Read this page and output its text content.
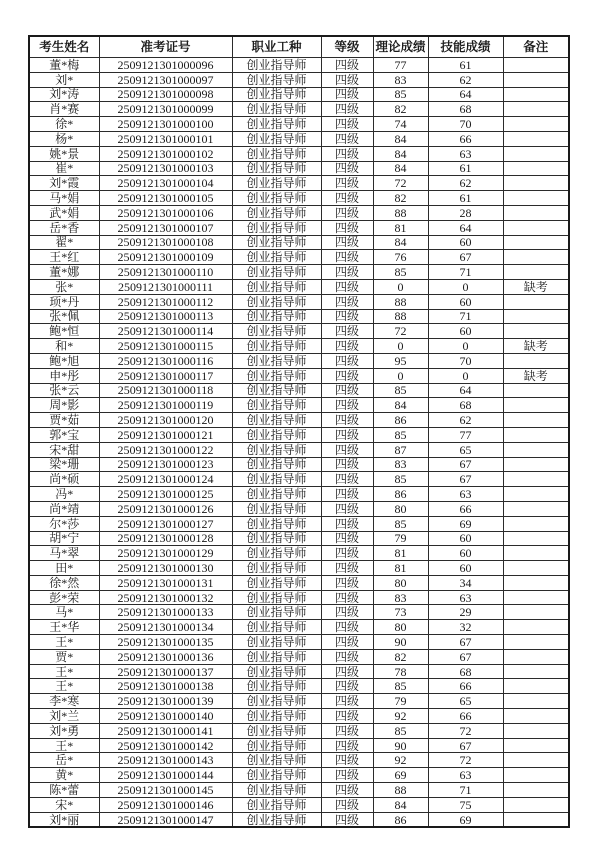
考生姓名	准考证号	职业工种	等级	理论成绩	技能成绩	备注
董*梅	2509121301000096	创业指导师	四级	77	61	
刘*	2509121301000097	创业指导师	四级	83	62	
刘*涛	2509121301000098	创业指导师	四级	85	64	
肖*赛	2509121301000099	创业指导师	四级	82	68	
徐*	2509121301000100	创业指导师	四级	74	70	
杨*	2509121301000101	创业指导师	四级	84	66	
姚*景	2509121301000102	创业指导师	四级	84	63	
崔*	2509121301000103	创业指导师	四级	84	61	
刘*霞	2509121301000104	创业指导师	四级	72	62	
马*娟	2509121301000105	创业指导师	四级	82	61	
武*娟	2509121301000106	创业指导师	四级	88	28	
岳*香	2509121301000107	创业指导师	四级	81	64	
翟*	2509121301000108	创业指导师	四级	84	60	
王*红	2509121301000109	创业指导师	四级	76	67	
董*娜	2509121301000110	创业指导师	四级	85	71	
张*	2509121301000111	创业指导师	四级	0	0	缺考
顼*丹	2509121301000112	创业指导师	四级	88	60	
张*佩	2509121301000113	创业指导师	四级	88	71	
鲍*恒	2509121301000114	创业指导师	四级	72	60	
和*	2509121301000115	创业指导师	四级	0	0	缺考
鲍*旭	2509121301000116	创业指导师	四级	95	70	
申*彤	2509121301000117	创业指导师	四级	0	0	缺考
张*云	2509121301000118	创业指导师	四级	85	64	
周*影	2509121301000119	创业指导师	四级	84	68	
贾*茹	2509121301000120	创业指导师	四级	86	62	
郭*宝	2509121301000121	创业指导师	四级	85	77	
宋*甜	2509121301000122	创业指导师	四级	87	65	
梁*珊	2509121301000123	创业指导师	四级	83	67	
尚*硕	2509121301000124	创业指导师	四级	85	67	
冯*	2509121301000125	创业指导师	四级	86	63	
尚*靖	2509121301000126	创业指导师	四级	80	66	
尔*莎	2509121301000127	创业指导师	四级	85	69	
胡*宁	2509121301000128	创业指导师	四级	79	60	
马*翠	2509121301000129	创业指导师	四级	81	60	
田*	2509121301000130	创业指导师	四级	81	60	
徐*然	2509121301000131	创业指导师	四级	80	34	
彭*荣	2509121301000132	创业指导师	四级	83	63	
马*	2509121301000133	创业指导师	四级	73	29	
王*华	2509121301000134	创业指导师	四级	80	32	
王*	2509121301000135	创业指导师	四级	90	67	
贾*	2509121301000136	创业指导师	四级	82	67	
王*	2509121301000137	创业指导师	四级	78	68	
王*	2509121301000138	创业指导师	四级	85	66	
李*寒	2509121301000139	创业指导师	四级	79	65	
刘*兰	2509121301000140	创业指导师	四级	92	66	
刘*勇	2509121301000141	创业指导师	四级	85	72	
王*	2509121301000142	创业指导师	四级	90	67	
岳*	2509121301000143	创业指导师	四级	92	72	
黄*	2509121301000144	创业指导师	四级	69	63	
陈*蕾	2509121301000145	创业指导师	四级	88	71	
宋*	2509121301000146	创业指导师	四级	84	75	
刘*丽	2509121301000147	创业指导师	四级	86	69	
